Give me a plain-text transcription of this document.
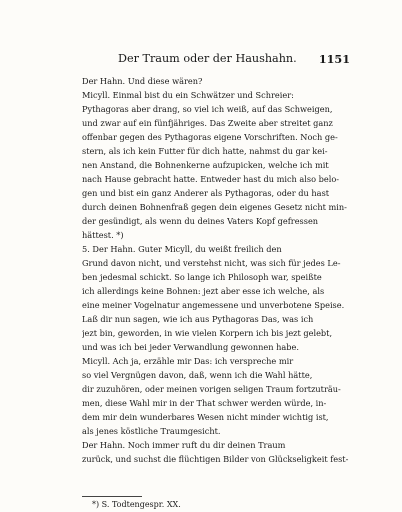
Der Traum oder der Haushahn. 1151
Der Hahn. Und diese wären?
Micyll. Einmal bist du ein Schwätzer und Schreier:
Pythagoras aber drang, so viel ich weiß, auf das Schweigen,
und zwar auf ein fünfjähriges. Das Zweite aber streitet ganz
offenbar gegen des Pythagoras eigene Vorschriften. Noch ge-
stern, als ich kein Futter für dich hatte, nahmst du gar kei-
nen Anstand, die Bohnenkerne aufzupicken, welche ich mit
nach Hause gebracht hatte. Entweder hast du mich also belo-
gen und bist ein ganz Anderer als Pythagoras, oder du hast
durch deinen Bohnenfraß gegen dein eigenes Gesetz nicht min-
der gesündigt, als wenn du deines Vaters Kopf gefressen
hättest. *)
5. Der Hahn. Guter Micyll, du weißt freilich den
Grund davon nicht, und verstehst nicht, was sich für jedes Le-
ben jedesmal schickt. So lange ich Philosoph war, speißte
ich allerdings keine Bohnen: jezt aber esse ich welche, als
eine meiner Vogelnatur angemessene und unverbotene Speise.
Laß dir nun sagen, wie ich aus Pythagoras Das, was ich
jezt bin, geworden, in wie vielen Korpern ich bis jezt gelebt,
und was ich bei jeder Verwandlung gewonnen habe.
Micyll. Ach ja, erzähle mir Das: ich verspreche mir
so viel Vergnügen davon, daß, wenn ich die Wahl hätte,
dir zuzuhören, oder meinen vorigen seligen Traum fortzuträu-
men, diese Wahl mir in der That schwer werden würde, in-
dem mir dein wunderbares Wesen nicht minder wichtig ist,
als jenes köstliche Traumgesicht.
Der Hahn. Noch immer ruft du dir deinen Traum
zurück, und suchst die flüchtigen Bilder von Glückseligkeit fest-
*) S. Todtengespr. XX.
